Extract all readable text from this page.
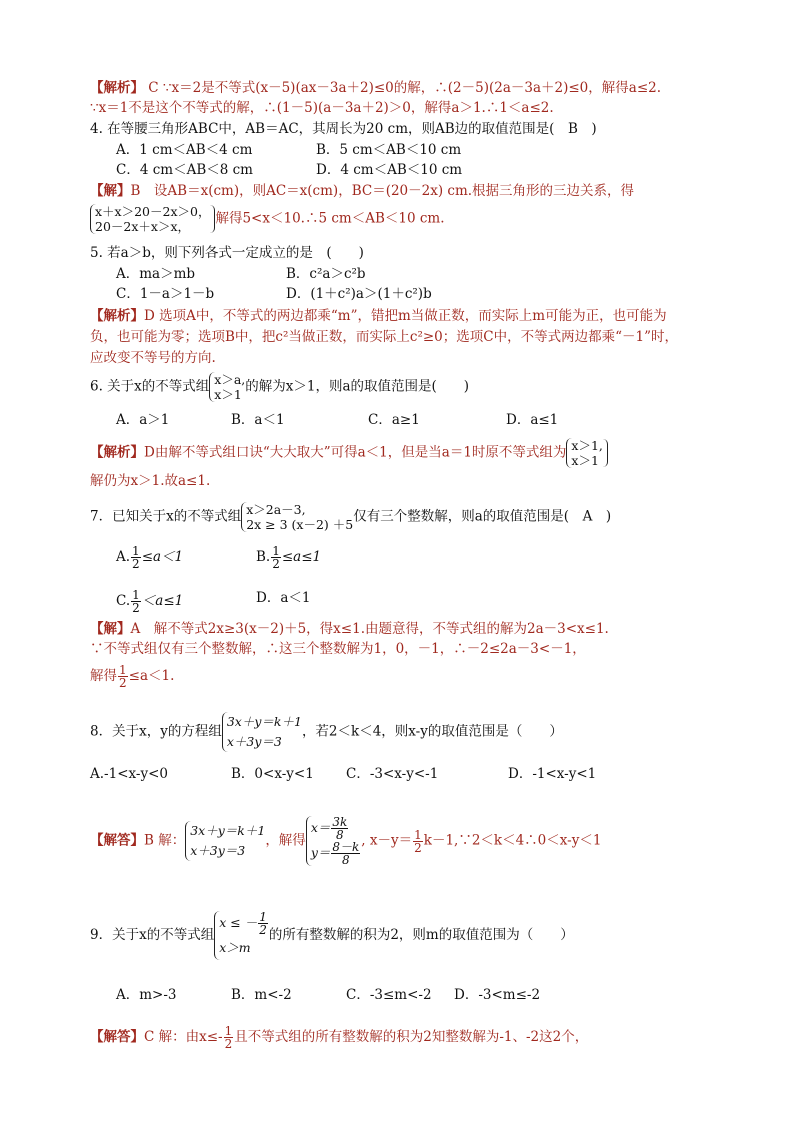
【解析】 C ∵x＝2是不等式(x－5)(ax－3a＋2)≤0的解，∴(2－5)(2a－3a＋2)≤0，解得a≤2.
∵x＝1不是这个不等式的解，∴(1－5)(a－3a＋2)＞0，解得a＞1.∴1＜a≤2.
4. 在等腰三角形ABC中，AB＝AC，其周长为20 cm，则AB边的取值范围是(　B　)
A．1 cm＜AB＜4 cm	B．5 cm＜AB＜10 cm
C．4 cm＜AB＜8 cm	D．4 cm＜AB＜10 cm
【解】B　设AB＝x(cm)，则AC＝x(cm)，BC＝(20－2x) cm.根据三角形的三边关系，得
x＋x＞20－2x＞0，
20－2x＋x＞x， 解得5<x＜10.∴5 cm＜AB＜10 cm.
5. 若a＞b，则下列各式一定成立的是　(　　)
A．ma＞mb	B．c²a＞c²b
C．1－a＞1－b	D．(1＋c²)a＞(1＋c²)b
【解析】D 选项A中，不等式的两边都乘“m”，错把m当做正数，而实际上m可能为正，也可能为
负，也可能为零；选项B中，把c²当做正数，而实际上c²≥0；选项C中，不等式两边都乘“－1”时，
应改变不等号的方向.
6. 关于x的不等式组 x＞a,
x＞1 的解为x＞1，则a的取值范围是(　　)
A．a＞1	B．a＜1	C．a≥1	D．a≤1
【解析】D由解不等式组口诀“大大取大”可得a＜1，但是当a＝1时原不等式组为 x＞1,
x＞1
解仍为x＞1.故a≤1.
7．已知关于x的不等式组 x＞2a－3,
2x ≥ 3 (x－2) ＋5仅有三个整数解，则a的取值范围是(　A　)
A. $\frac{1}{2} \le a<1$	B. $\frac{1}{2} \le a\le 1$
C. $\frac{1}{2} <a\le 1$	D．a＜1
【解】A　解不等式2x≥3(x－2)＋5，得x≤1.由题意得，不等式组的解为2a－3<x≤1.
∵不等式组仅有三个整数解，∴这三个整数解为1，0，－1，∴－2≤2a－3<－1，
解得 $\frac{1}{2} \le a<1$.
8．关于x，y的方程组3x＋y＝k＋1
x＋3y＝3，若2＜k＜4，则x-y的取值范围是（　　）
A.-1<x-y<0	B．0<x-y<1 C．-3<x-y<-1	D．-1<x-y<1
【解答】B 解：3x＋y＝k＋1
x＋3y＝3，解得$x= \frac{3k}{8}$

$y= \frac{8-k}{8}$
, $x-y= \frac{1}{2}$ k－1,∵2＜k＜4∴0＜x-y＜1
9．关于x的不等式组x ≤ － $\frac{1}{2}$

x＞m的所有整数解的积为2，则m的取值范围为（　　）
A．m>-3	B．m<-2	C．-3≤m<-2 D．-3<m≤-2
【解答】C 解：由$x\le- \frac{1}{2}$ 且不等式组的所有整数解的积为2知整数解为-1、-2这2个，
